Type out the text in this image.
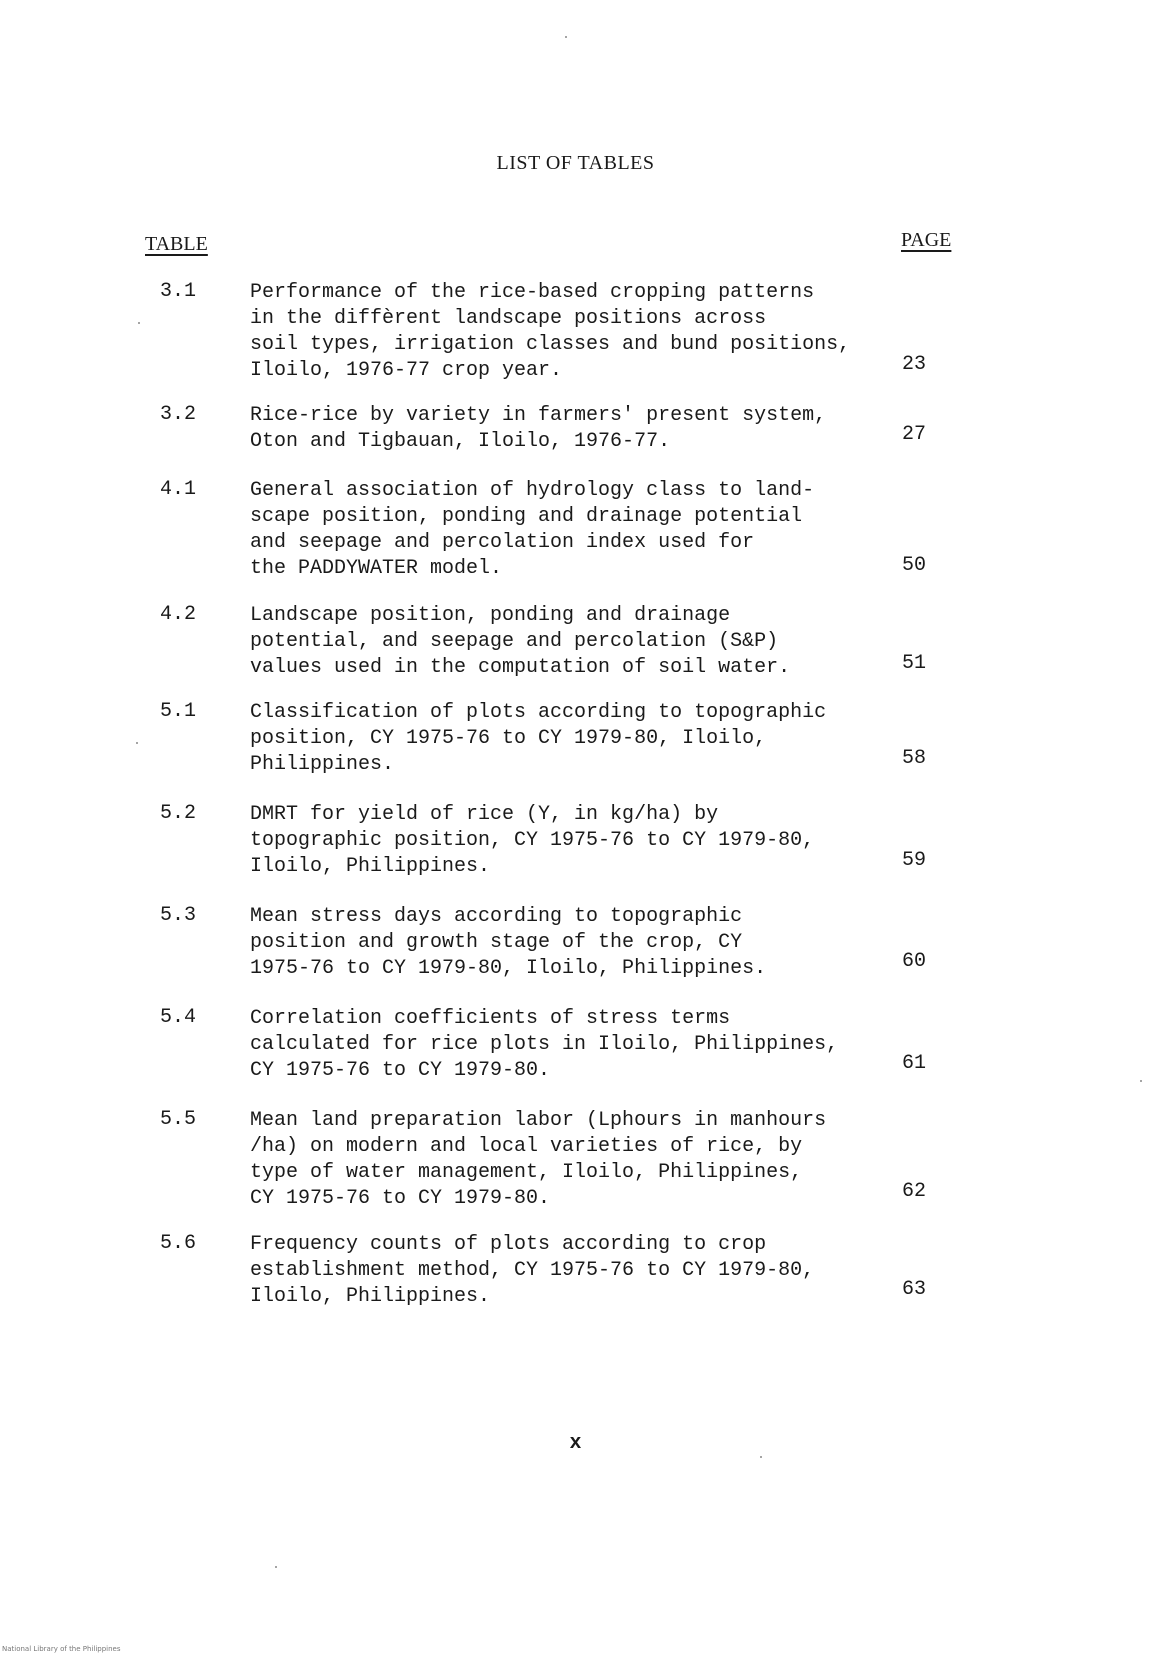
LIST OF TABLES
TABLE	PAGE
3.1	Performance of the rice-based cropping patterns
in the diffèrent landscape positions across
soil types, irrigation classes and bund positions,
Iloilo, 1976-77 crop year.	23
3.2	Rice-rice by variety in farmers' present system,
Oton and Tigbauan, Iloilo, 1976-77.	27
4.1	General association of hydrology class to land-
scape position, ponding and drainage potential
and seepage and percolation index used for
the PADDYWATER model.	50
4.2	Landscape position, ponding and drainage
potential, and seepage and percolation (S&P)
values used in the computation of soil water.	51
5.1	Classification of plots according to topographic
position, CY 1975-76 to CY 1979-80, Iloilo,
Philippines.	58
5.2	DMRT for yield of rice (Y, in kg/ha) by
topographic position, CY 1975-76 to CY 1979-80,
Iloilo, Philippines.	59
5.3	Mean stress days according to topographic
position and growth stage of the crop, CY
1975-76 to CY 1979-80, Iloilo, Philippines.	60
5.4	Correlation coefficients of stress terms
calculated for rice plots in Iloilo, Philippines,
CY 1975-76 to CY 1979-80.	61
5.5	Mean land preparation labor (Lphours in manhours
/ha) on modern and local varieties of rice, by
type of water management, Iloilo, Philippines,
CY 1975-76 to CY 1979-80.	62
5.6	Frequency counts of plots according to crop
establishment method, CY 1975-76 to CY 1979-80,
Iloilo, Philippines.	63
x
National Library of the Philippines
